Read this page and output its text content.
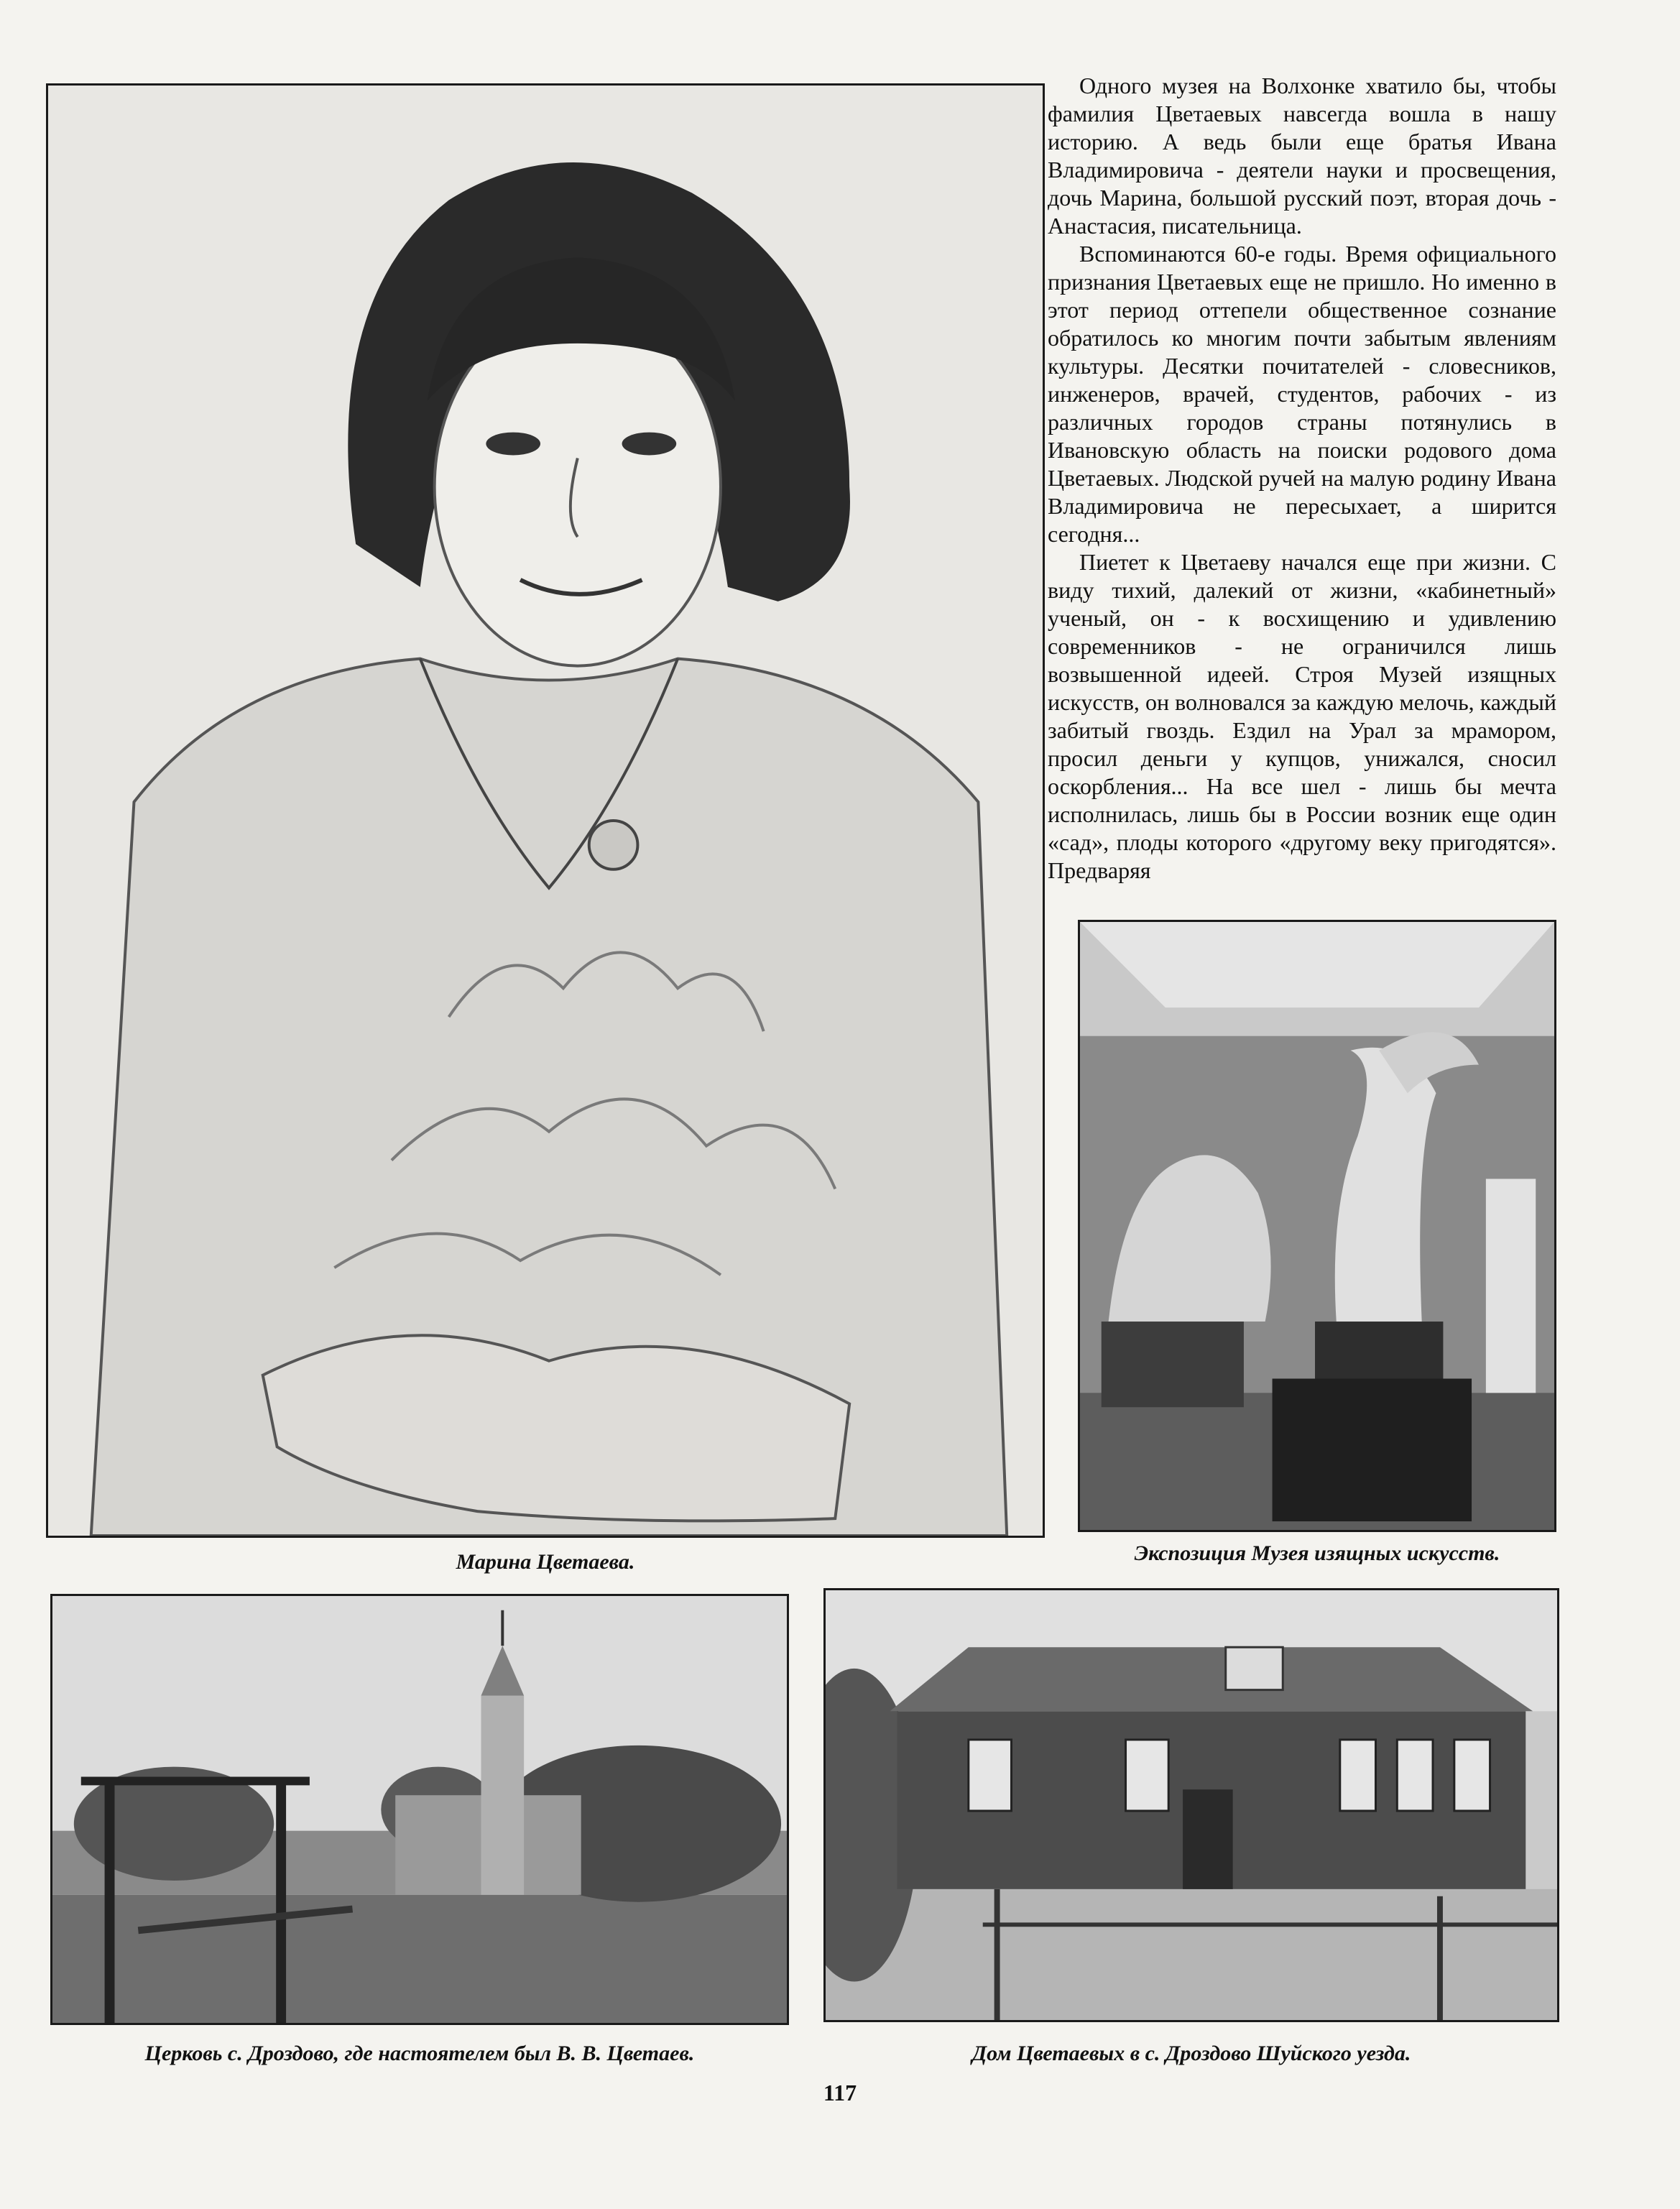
Одного музея на Волхонке хватило бы, чтобы фамилия Цветаевых навсегда вошла в нашу историю. А ведь были еще братья Ивана Владимировича - деятели науки и просвещения, дочь Марина, большой русский поэт, вторая дочь - Анастасия, писательница.

Вспоминаются 60-е годы. Время официального признания Цветаевых еще не пришло. Но именно в этот период оттепели общественное сознание обратилось ко многим почти забытым явлениям культуры. Десятки почитателей - словесников, инженеров, врачей, студентов, рабочих - из различных городов страны потянулись в Ивановскую область на поиски родового дома Цветаевых. Людской ручей на малую родину Ивана Владимировича не пересыхает, а ширится сегодня...

Пиетет к Цветаеву начался еще при жизни. С виду тихий, далекий от жизни, «кабинетный» ученый, он - к восхищению и удивлению современников - не ограничился лишь возвышенной идеей. Строя Музей изящных искусств, он волновался за каждую мелочь, каждый забитый гвоздь. Ездил на Урал за мрамором, просил деньги у купцов, унижался, сносил оскорбления... На все шел - лишь бы мечта исполнилась, лишь бы в России возник еще один «сад», плоды которого «другому веку пригодятся». Предваряя

Марина Цветаева.	Экспозиция Музея изящных искусств.
Церковь с. Дроздово, где настоятелем был В. В. Цветаев.	Дом Цветаевых в с. Дроздово Шуйского уезда.
117
